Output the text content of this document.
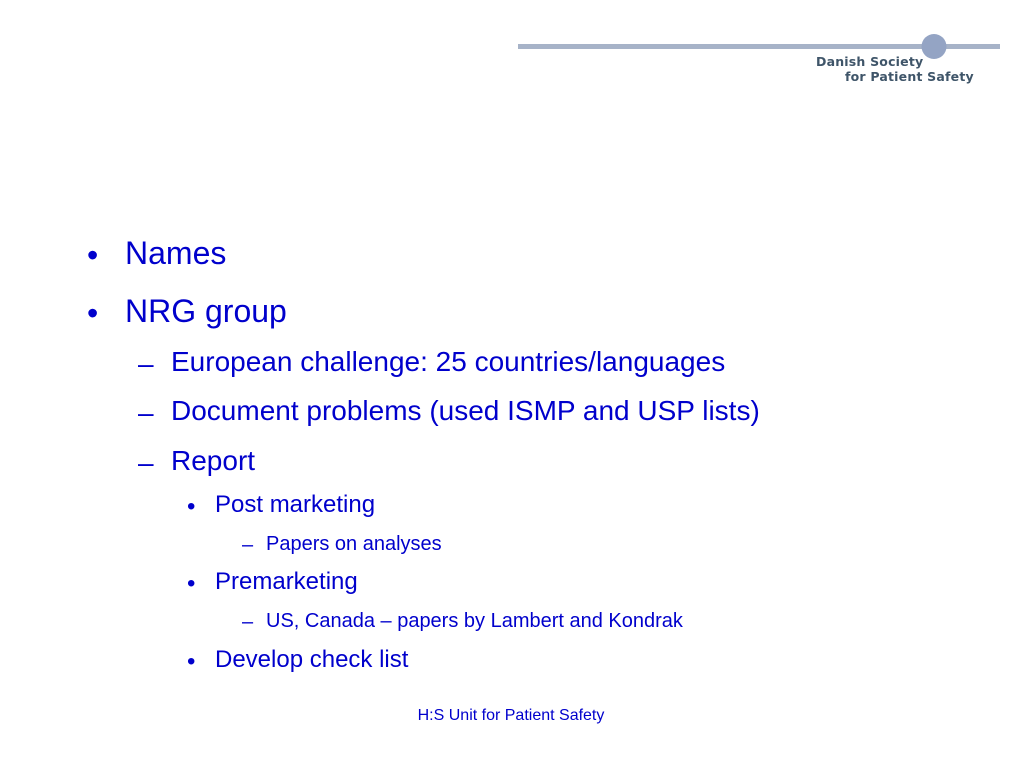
Danish Society
for Patient Safety
• Names
• NRG group
– European challenge: 25 countries/languages
– Document problems (used ISMP and USP lists)
– Report
• Post marketing
– Papers on analyses
• Premarketing
– US, Canada – papers by Lambert and Kondrak
• Develop check list
H:S Unit for Patient Safety
